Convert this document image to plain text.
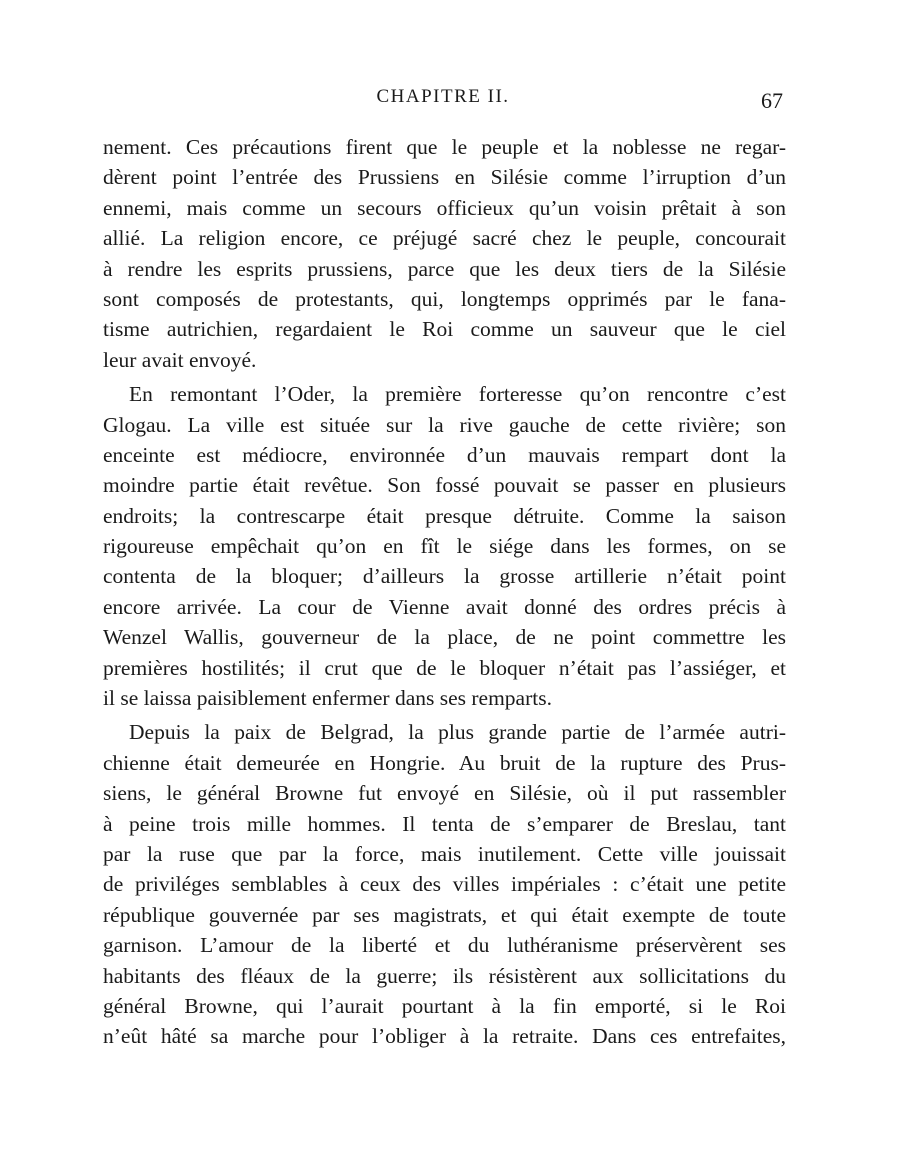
CHAPITRE II.	67
nement. Ces précautions firent que le peuple et la noblesse ne regar-
dèrent point l’entrée des Prussiens en Silésie comme l’irruption d’un
ennemi, mais comme un secours officieux qu’un voisin prêtait à son
allié. La religion encore, ce préjugé sacré chez le peuple, concourait
à rendre les esprits prussiens, parce que les deux tiers de la Silésie
sont composés de protestants, qui, longtemps opprimés par le fana-
tisme autrichien, regardaient le Roi comme un sauveur que le ciel
leur avait envoyé.
En remontant l’Oder, la première forteresse qu’on rencontre c’est
Glogau. La ville est située sur la rive gauche de cette rivière; son
enceinte est médiocre, environnée d’un mauvais rempart dont la
moindre partie était revêtue. Son fossé pouvait se passer en plusieurs
endroits; la contrescarpe était presque détruite. Comme la saison
rigoureuse empêchait qu’on en fît le siége dans les formes, on se
contenta de la bloquer; d’ailleurs la grosse artillerie n’était point
encore arrivée. La cour de Vienne avait donné des ordres précis à
Wenzel Wallis, gouverneur de la place, de ne point commettre les
premières hostilités; il crut que de le bloquer n’était pas l’assiéger, et
il se laissa paisiblement enfermer dans ses remparts.
Depuis la paix de Belgrad, la plus grande partie de l’armée autri-
chienne était demeurée en Hongrie. Au bruit de la rupture des Prus-
siens, le général Browne fut envoyé en Silésie, où il put rassembler
à peine trois mille hommes. Il tenta de s’emparer de Breslau, tant
par la ruse que par la force, mais inutilement. Cette ville jouissait
de priviléges semblables à ceux des villes impériales : c’était une petite
république gouvernée par ses magistrats, et qui était exempte de toute
garnison. L’amour de la liberté et du luthéranisme préservèrent ses
habitants des fléaux de la guerre; ils résistèrent aux sollicitations du
général Browne, qui l’aurait pourtant à la fin emporté, si le Roi
n’eût hâté sa marche pour l’obliger à la retraite. Dans ces entrefaites,
